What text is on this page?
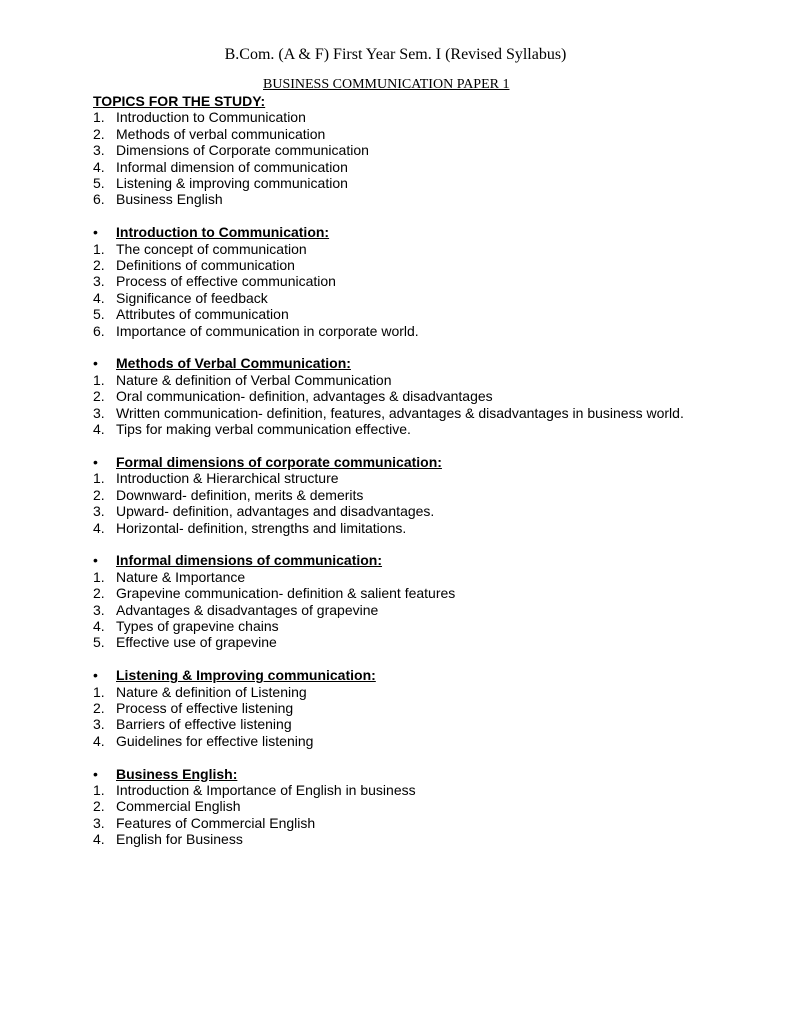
B.Com. (A & F) First Year Sem. I (Revised Syllabus)
BUSINESS COMMUNICATION PAPER 1
TOPICS FOR THE STUDY:
1. Introduction to Communication
2. Methods of verbal communication
3. Dimensions of Corporate communication
4. Informal dimension of communication
5. Listening & improving communication
6. Business English
• Introduction to Communication:
1. The concept of communication
2. Definitions of communication
3. Process of effective communication
4. Significance of feedback
5. Attributes of communication
6. Importance of communication in corporate world.
• Methods of Verbal Communication:
1. Nature & definition of Verbal Communication
2. Oral communication- definition, advantages & disadvantages
3. Written communication- definition, features, advantages & disadvantages in business world.
4. Tips for making verbal communication effective.
• Formal dimensions of corporate communication:
1. Introduction & Hierarchical structure
2. Downward- definition, merits & demerits
3. Upward- definition, advantages and disadvantages.
4. Horizontal- definition, strengths and limitations.
• Informal dimensions of communication:
1. Nature & Importance
2. Grapevine communication- definition & salient features
3. Advantages & disadvantages of grapevine
4. Types of grapevine chains
5. Effective use of grapevine
• Listening & Improving communication:
1. Nature & definition of Listening
2. Process of effective listening
3. Barriers of effective listening
4. Guidelines for effective listening
• Business English:
1. Introduction & Importance of English in business
2. Commercial English
3. Features of Commercial English
4. English for Business
